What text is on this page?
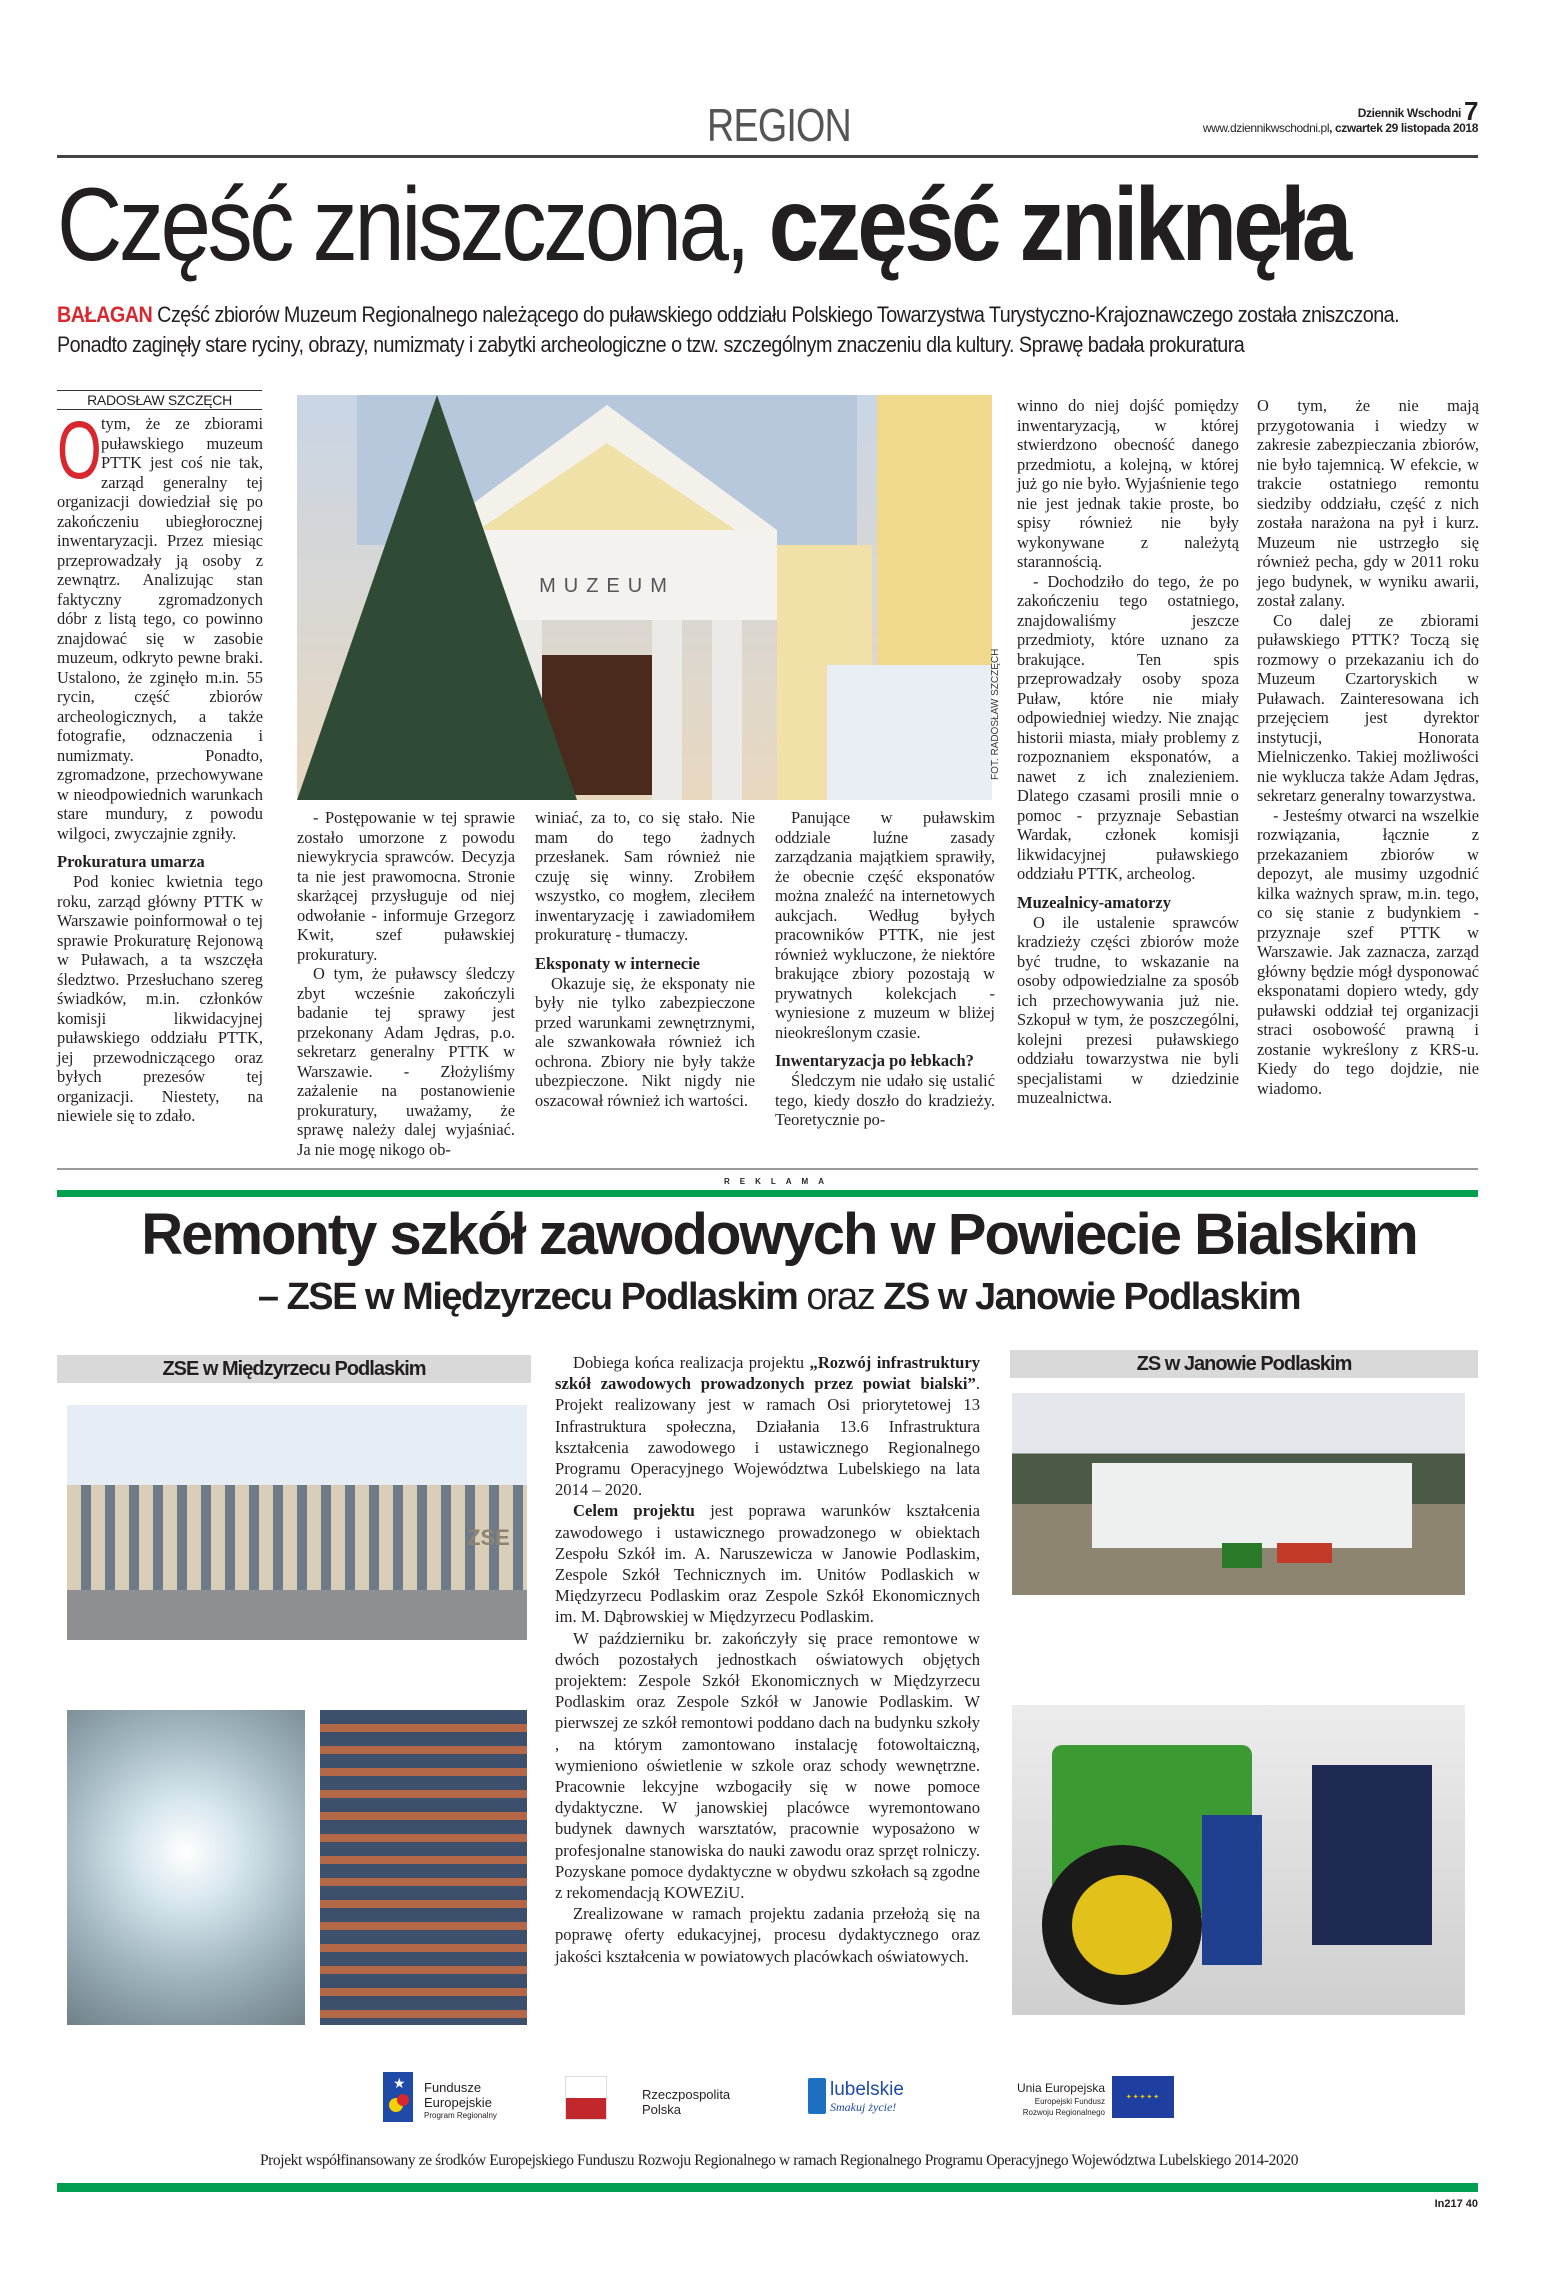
REGION	Dziennik Wschodni 7
www.dziennikwschodni.pl, czwartek 29 listopada 2018
Część zniszczona, część zniknęła
BAŁAGAN Część zbiorów Muzeum Regionalnego należącego do puławskiego oddziału Polskiego Towarzystwa Turystyczno-Krajoznawczego została zniszczona.
Ponadto zaginęły stare ryciny, obrazy, numizmaty i zabytki archeologiczne o tzw. szczególnym znaczeniu dla kultury. Sprawę badała prokuratura
RADOSŁAW SZCZĘCH
O tym, że ze zbiorami puławskiego muzeum PTTK jest coś nie tak, zarząd generalny tej organizacji dowiedział się po zakończeniu ubiegłorocznej inwentaryzacji. Przez miesiąc przeprowadzały ją osoby z zewnątrz. Analizując stan faktyczny zgromadzonych dóbr z listą tego, co powinno znajdować się w zasobie muzeum, odkryto pewne braki. Ustalono, że zginęło m.in. 55 rycin, część zbiorów archeologicznych, a także fotografie, odznaczenia i numizmaty. Ponadto, zgromadzone, przechowywane w nieodpowiednich warunkach stare mundury, z powodu wilgoci, zwyczajnie zgniły.

Prokuratura umarza

Pod koniec kwietnia tego roku, zarząd główny PTTK w Warszawie poinformował o tej sprawie Prokuraturę Rejonową w Puławach, a ta wszczęła śledztwo. Przesłuchano szereg świadków, m.in. członków komisji likwidacyjnej puławskiego oddziału PTTK, jej przewodniczącego oraz byłych prezesów tej organizacji. Niestety, na niewiele się to zdało.

MUZEUM
FOT. RADOSŁAW SZCZĘCH

- Postępowanie w tej sprawie zostało umorzone z powodu niewykrycia sprawców. Decyzja ta nie jest prawomocna. Stronie skarżącej przysługuje od niej odwołanie - informuje Grzegorz Kwit, szef puławskiej prokuratury.

O tym, że puławscy śledczy zbyt wcześnie zakończyli badanie tej sprawy jest przekonany Adam Jędras, p.o. sekretarz generalny PTTK w Warszawie. - Złożyliśmy zażalenie na postanowienie prokuratury, uważamy, że sprawę należy dalej wyjaśniać. Ja nie mogę nikogo ob-

winiać, za to, co się stało. Nie mam do tego żadnych przesłanek. Sam również nie czuję się winny. Zrobiłem wszystko, co mogłem, zleciłem inwentaryzację i zawiadomiłem prokuraturę - tłumaczy.

Eksponaty w internecie

Okazuje się, że eksponaty nie były nie tylko zabezpieczone przed warunkami zewnętrznymi, ale szwankowała również ich ochrona. Zbiory nie były także ubezpieczone. Nikt nigdy nie oszacował również ich wartości.

Panujące w puławskim oddziale luźne zasady zarządzania majątkiem sprawiły, że obecnie część eksponatów można znaleźć na internetowych aukcjach. Według byłych pracowników PTTK, nie jest również wykluczone, że niektóre brakujące zbiory pozostają w prywatnych kolekcjach - wyniesione z muzeum w bliżej nieokreślonym czasie.

Inwentaryzacja po łebkach?

Śledczym nie udało się ustalić tego, kiedy doszło do kradzieży. Teoretycznie po-

winno do niej dojść pomiędzy inwentaryzacją, w której stwierdzono obecność danego przedmiotu, a kolejną, w której już go nie było. Wyjaśnienie tego nie jest jednak takie proste, bo spisy również nie były wykonywane z należytą starannością.

- Dochodziło do tego, że po zakończeniu tego ostatniego, znajdowaliśmy jeszcze przedmioty, które uznano za brakujące. Ten spis przeprowadzały osoby spoza Puław, które nie miały odpowiedniej wiedzy. Nie znając historii miasta, miały problemy z rozpoznaniem eksponatów, a nawet z ich znalezieniem. Dlatego czasami prosili mnie o pomoc - przyznaje Sebastian Wardak, członek komisji likwidacyjnej puławskiego oddziału PTTK, archeolog.

Muzealnicy-amatorzy

O ile ustalenie sprawców kradzieży części zbiorów może być trudne, to wskazanie na osoby odpowiedzialne za sposób ich przechowywania już nie. Szkopuł w tym, że poszczególni, kolejni prezesi puławskiego oddziału towarzystwa nie byli specjalistami w dziedzinie muzealnictwa.

O tym, że nie mają przygotowania i wiedzy w zakresie zabezpieczania zbiorów, nie było tajemnicą. W efekcie, w trakcie ostatniego remontu siedziby oddziału, część z nich została narażona na pył i kurz. Muzeum nie ustrzegło się również pecha, gdy w 2011 roku jego budynek, w wyniku awarii, został zalany.

Co dalej ze zbiorami puławskiego PTTK? Toczą się rozmowy o przekazaniu ich do Muzeum Czartoryskich w Puławach. Zainteresowana ich przejęciem jest dyrektor instytucji, Honorata Mielniczenko. Takiej możliwości nie wyklucza także Adam Jędras, sekretarz generalny towarzystwa.

- Jesteśmy otwarci na wszelkie rozwiązania, łącznie z przekazaniem zbiorów w depozyt, ale musimy uzgodnić kilka ważnych spraw, m.in. tego, co się stanie z budynkiem - przyznaje szef PTTK w Warszawie. Jak zaznacza, zarząd główny będzie mógł dysponować eksponatami dopiero wtedy, gdy puławski oddział tej organizacji straci osobowość prawną i zostanie wykreślony z KRS-u. Kiedy do tego dojdzie, nie wiadomo.

REKLAMA
Remonty szkół zawodowych w Powiecie Bialskim
– ZSE w Międzyrzecu Podlaskim oraz ZS w Janowie Podlaskim
ZSE w Międzyrzecu Podlaskim	ZS w Janowie Podlaskim
ZSE

Dobiega końca realizacja projektu „Rozwój infrastruktury szkół zawodowych prowadzonych przez powiat bialski”. Projekt realizowany jest w ramach Osi priorytetowej 13 Infrastruktura społeczna, Działania 13.6 Infrastruktura kształcenia zawodowego i ustawicznego Regionalnego Programu Operacyjnego Województwa Lubelskiego na lata 2014 – 2020.

Celem projektu jest poprawa warunków kształcenia zawodowego i ustawicznego prowadzonego w obiektach Zespołu Szkół im. A. Naruszewicza w Janowie Podlaskim, Zespole Szkół Technicznych im. Unitów Podlaskich w Międzyrzecu Podlaskim oraz Zespole Szkół Ekonomicznych im. M. Dąbrowskiej w Międzyrzecu Podlaskim.

W październiku br. zakończyły się prace remontowe w dwóch pozostałych jednostkach oświatowych objętych projektem: Zespole Szkół Ekonomicznych w Międzyrzecu Podlaskim oraz Zespole Szkół w Janowie Podlaskim. W pierwszej ze szkół remontowi poddano dach na budynku szkoły , na którym zamontowano instalację fotowoltaiczną, wymieniono oświetlenie w szkole oraz schody wewnętrzne. Pracownie lekcyjne wzbogaciły się w nowe pomoce dydaktyczne. W janowskiej placówce wyremontowano budynek dawnych warsztatów, pracownie wyposażono w profesjonalne stanowiska do nauki zawodu oraz sprzęt rolniczy. Pozyskane pomoce dydaktyczne w obydwu szkołach są zgodne z rekomendacją KOWEZiU.

Zrealizowane w ramach projektu zadania przełożą się na poprawę oferty edukacyjnej, procesu dydaktycznego oraz jakości kształcenia w powiatowych placówkach oświatowych.

★ Fundusze
Europejskie
Program Regionalny
Rzeczpospolita
Polska
lubelskie
Smakuj życie!
Unia Europejska
Europejski Fundusz
Rozwoju Regionalnego
✦✦✦✦✦
Projekt współfinansowany ze środków Europejskiego Funduszu Rozwoju Regionalnego w ramach Regionalnego Programu Operacyjnego Województwa Lubelskiego 2014-2020
In217 40
